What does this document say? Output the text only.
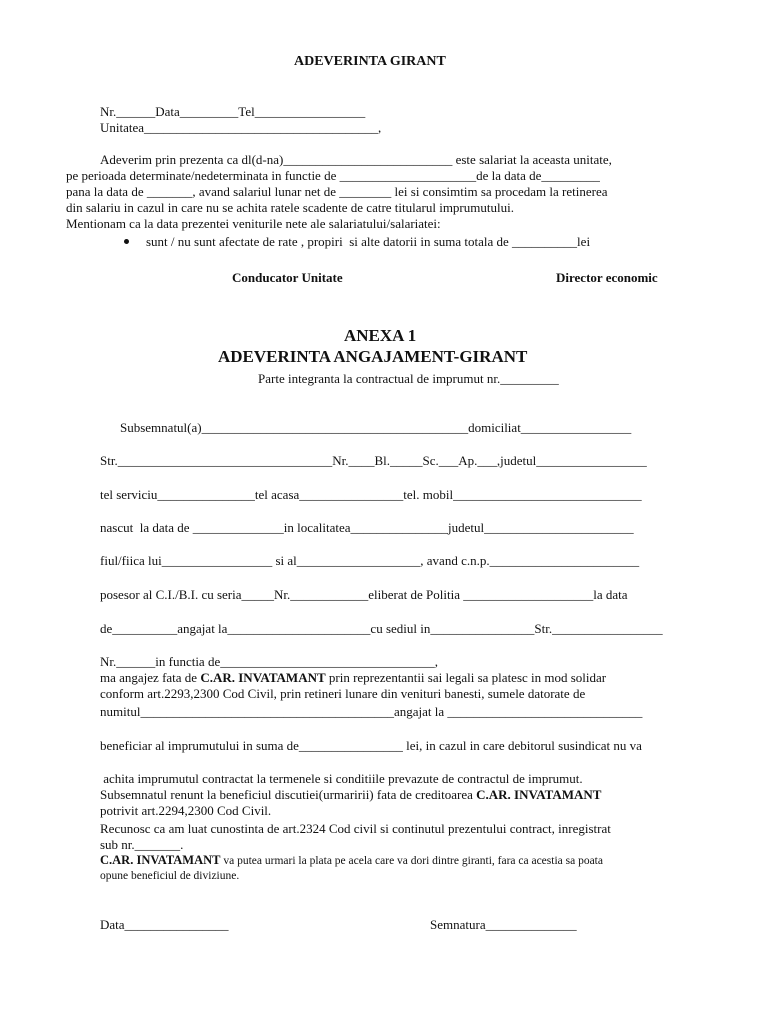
ADEVERINTA GIRANT
Nr.______Data_________Tel_________________
Unitatea____________________________________,
Adeverim prin prezenta ca dl(d-na)__________________________ este salariat la aceasta unitate,
pe perioada determinate/nedeterminata in functie de _____________________de la data de_________
pana la data de _______, avand salariul lunar net de ________ lei si consimtim sa procedam la retinerea
din salariu in cazul in care nu se achita ratele scadente de catre titularul imprumutului.
Mentionam ca la data prezentei veniturile nete ale salariatului/salariatei:
sunt / nu sunt afectate de rate , propiri  si alte datorii in suma totala de __________lei
Conducator Unitate	Director economic
ANEXA 1
ADEVERINTA ANGAJAMENT-GIRANT
Parte integranta la contractual de imprumut nr._________
Subsemnatul(a)_________________________________________domiciliat_________________
Str._________________________________Nr.____Bl._____Sc.___Ap.___,judetul_________________
tel serviciu_______________tel acasa________________tel. mobil_____________________________
nascut  la data de ______________in localitatea_______________judetul_______________________
fiul/fiica lui_________________ si al___________________, avand c.n.p._______________________
posesor al C.I./B.I. cu seria_____Nr.____________eliberat de Politia ____________________la data
de__________angajat la______________________cu sediul in________________Str._________________
Nr.______in functia de_________________________________,
ma angajez fata de C.AR. INVATAMANT prin reprezentantii sai legali sa platesc in mod solidar
conform art.2293,2300 Cod Civil, prin retineri lunare din venituri banesti, sumele datorate de
numitul_______________________________________angajat la ______________________________
beneficiar al imprumutului in suma de________________ lei, in cazul in care debitorul susindicat nu va
achita imprumutul contractat la termenele si conditiile prevazute de contractul de imprumut.
Subsemnatul renunt la beneficiul discutiei(urmaririi) fata de creditoarea C.AR. INVATAMANT
potrivit art.2294,2300 Cod Civil.
Recunosc ca am luat cunostinta de art.2324 Cod civil si continutul prezentului contract, inregistrat
sub nr._______.
C.AR. INVATAMANT va putea urmari la plata pe acela care va dori dintre giranti, fara ca acestia sa poata
opune beneficiul de diviziune.
Data________________	Semnatura______________
